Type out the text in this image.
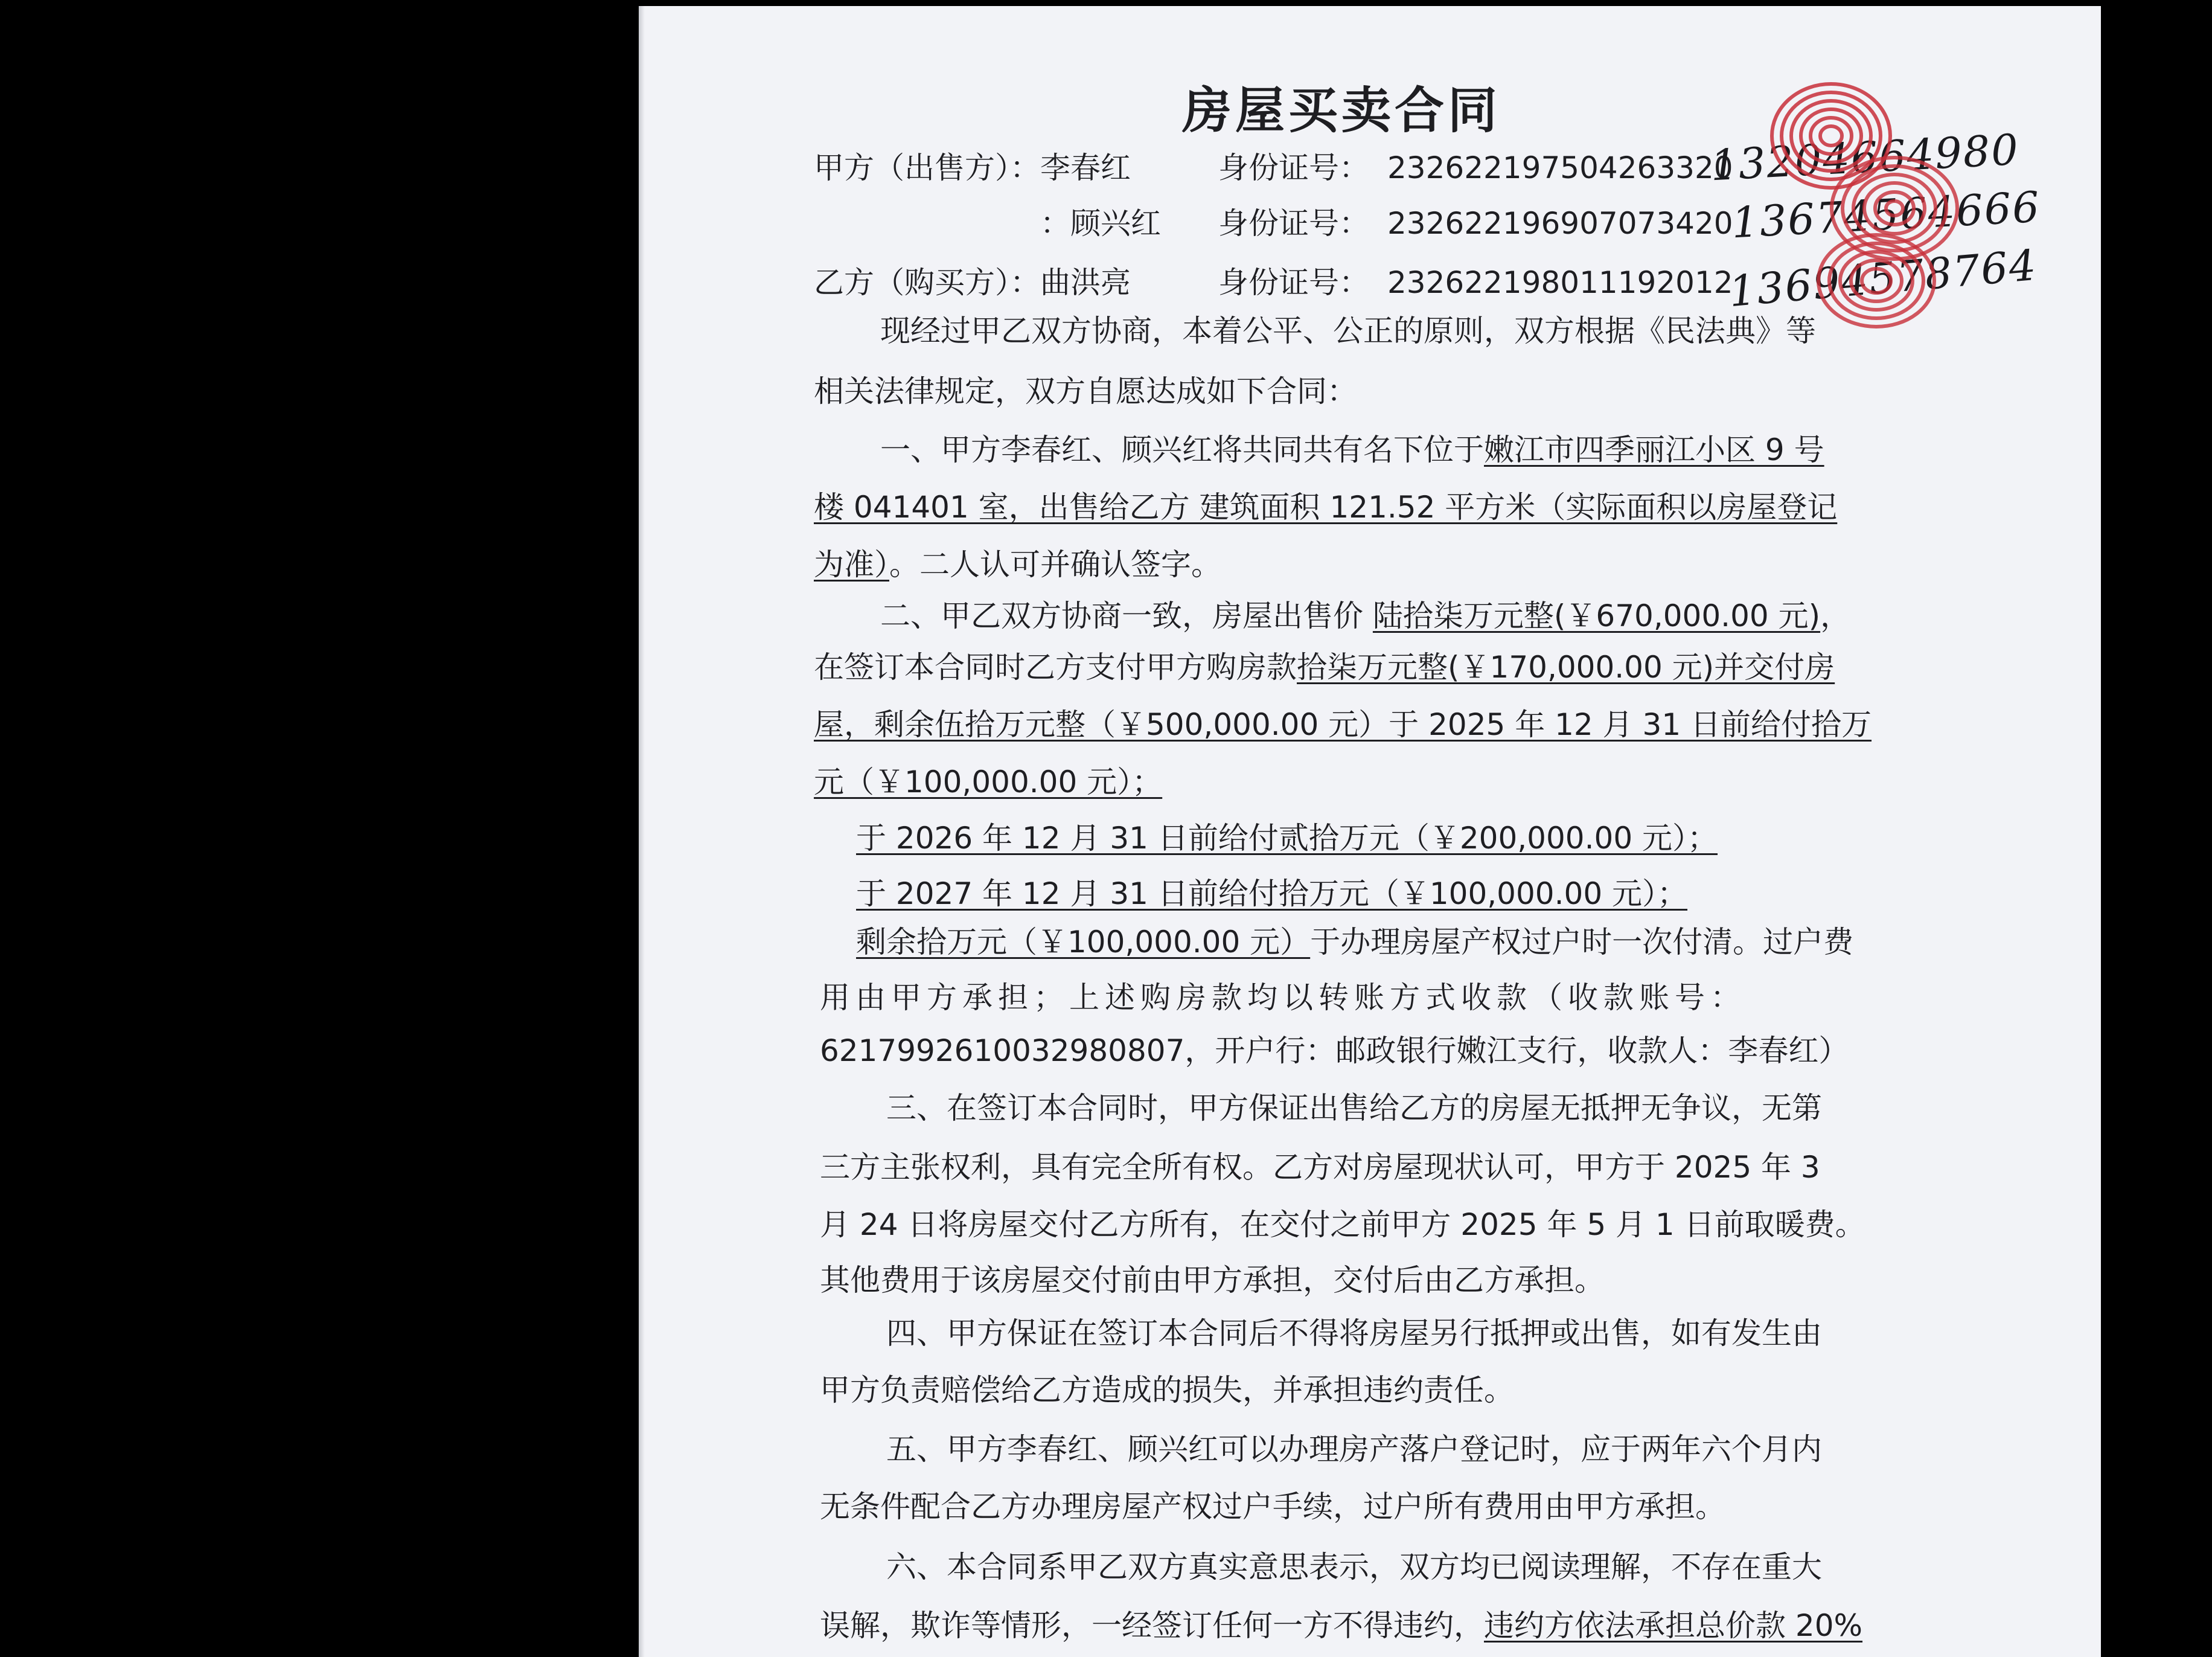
房屋买卖合同
甲方（出售方）：李春红	身份证号： 232622197504263320
：顾兴红 身份证号： 232622196907073420
乙方（购买方）：曲洪亮	身份证号： 232622198011192012
13204664980
13674564666
13694578764
现经过甲乙双方协商，本着公平、公正的原则，双方根据《民法典》等
相关法律规定，双方自愿达成如下合同：
一、甲方李春红、顾兴红将共同共有名下位于嫩江市四季丽江小区 9 号
楼 041401 室，出售给乙方 建筑面积 121.52 平方米（实际面积以房屋登记
为准）。二人认可并确认签字。
二、甲乙双方协商一致，房屋出售价 陆拾柒万元整(￥670,000.00 元)，
在签订本合同时乙方支付甲方购房款拾柒万元整(￥170,000.00 元)并交付房
屋，剩余伍拾万元整（￥500,000.00 元）于 2025 年 12 月 31 日前给付拾万
元（￥100,000.00 元）；
于 2026 年 12 月 31 日前给付贰拾万元（￥200,000.00 元）；
于 2027 年 12 月 31 日前给付拾万元（￥100,000.00 元）；
剩余拾万元（￥100,000.00 元）于办理房屋产权过户时一次付清。过户费
用由甲方承担；上述购房款均以转账方式收款（收款账号：
6217992610032980807，开户行：邮政银行嫩江支行，收款人：李春红）
三、在签订本合同时，甲方保证出售给乙方的房屋无抵押无争议，无第
三方主张权利，具有完全所有权。乙方对房屋现状认可，甲方于 2025 年 3
月 24 日将房屋交付乙方所有，在交付之前甲方 2025 年 5 月 1 日前取暖费。
其他费用于该房屋交付前由甲方承担，交付后由乙方承担。
四、甲方保证在签订本合同后不得将房屋另行抵押或出售，如有发生由
甲方负责赔偿给乙方造成的损失，并承担违约责任。
五、甲方李春红、顾兴红可以办理房产落户登记时，应于两年六个月内
无条件配合乙方办理房屋产权过户手续，过户所有费用由甲方承担。
六、本合同系甲乙双方真实意思表示，双方均已阅读理解，不存在重大
误解，欺诈等情形，一经签订任何一方不得违约，违约方依法承担总价款 20%
